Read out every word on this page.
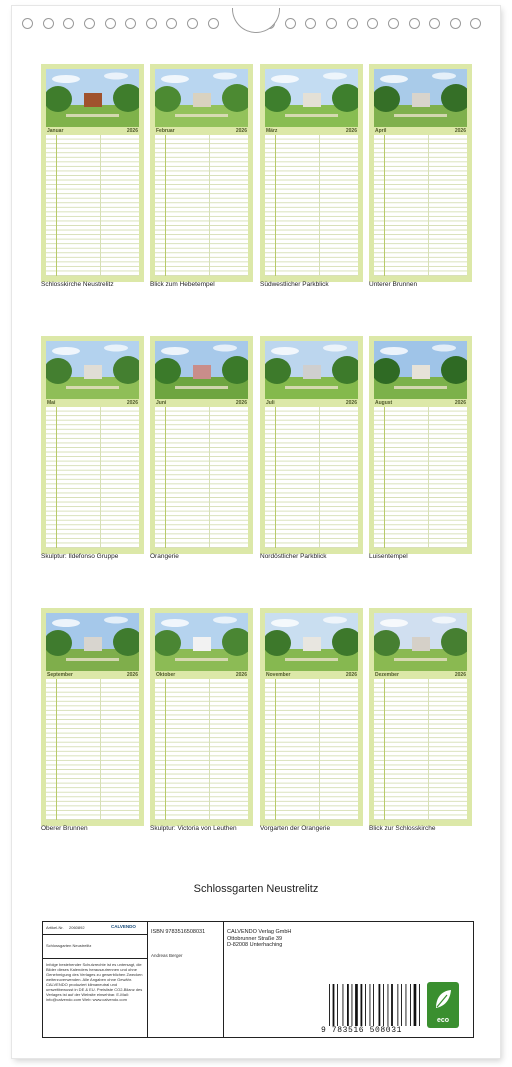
Januar	2026
Schlosskirche Neustrelitz
Februar	2026
Blick zum Hebetempel
März	2026
Südwestlicher Parkblick
April	2026
Unterer Brunnen
Mai	2026
Skulptur: Ildefonso Gruppe
Juni	2026
Orangerie
Juli	2026
Nordöstlicher Parkblick
August	2026
Luisentempel
September	2026
Oberer Brunnen
Oktober	2026
Skulptur: Victoria von Leuthen
November	2026
Vorgarten der Orangerie
Dezember	2026
Blick zur Schlosskirche
Schlossgarten Neustrelitz
Artikel-Nr. 2060892	CALVENDO
Schlossgarten Neustrelitz
Infolge bestehender Schutzrechte ist es untersagt, die Bilder dieses Kalenders herauszutrennen und ohne Genehmigung des Verlages zu gewerblichen Zwecken weiterzuverwenden. Alle Angaben ohne Gewähr. CALVENDO produziert klimaneutral und umweltbewusst in DE & EU. Preisliste CO2-Bilanz des Verlages ist auf der Website einsehbar. E-Mail: info@calvendo.com Web: www.calvendo.com
ISBN 9783516508031
Andreas Berger
CALVENDO Verlag GmbH
Ottobrunner Straße 39
D-82008 Unterhaching
9 783516 508031
eco
